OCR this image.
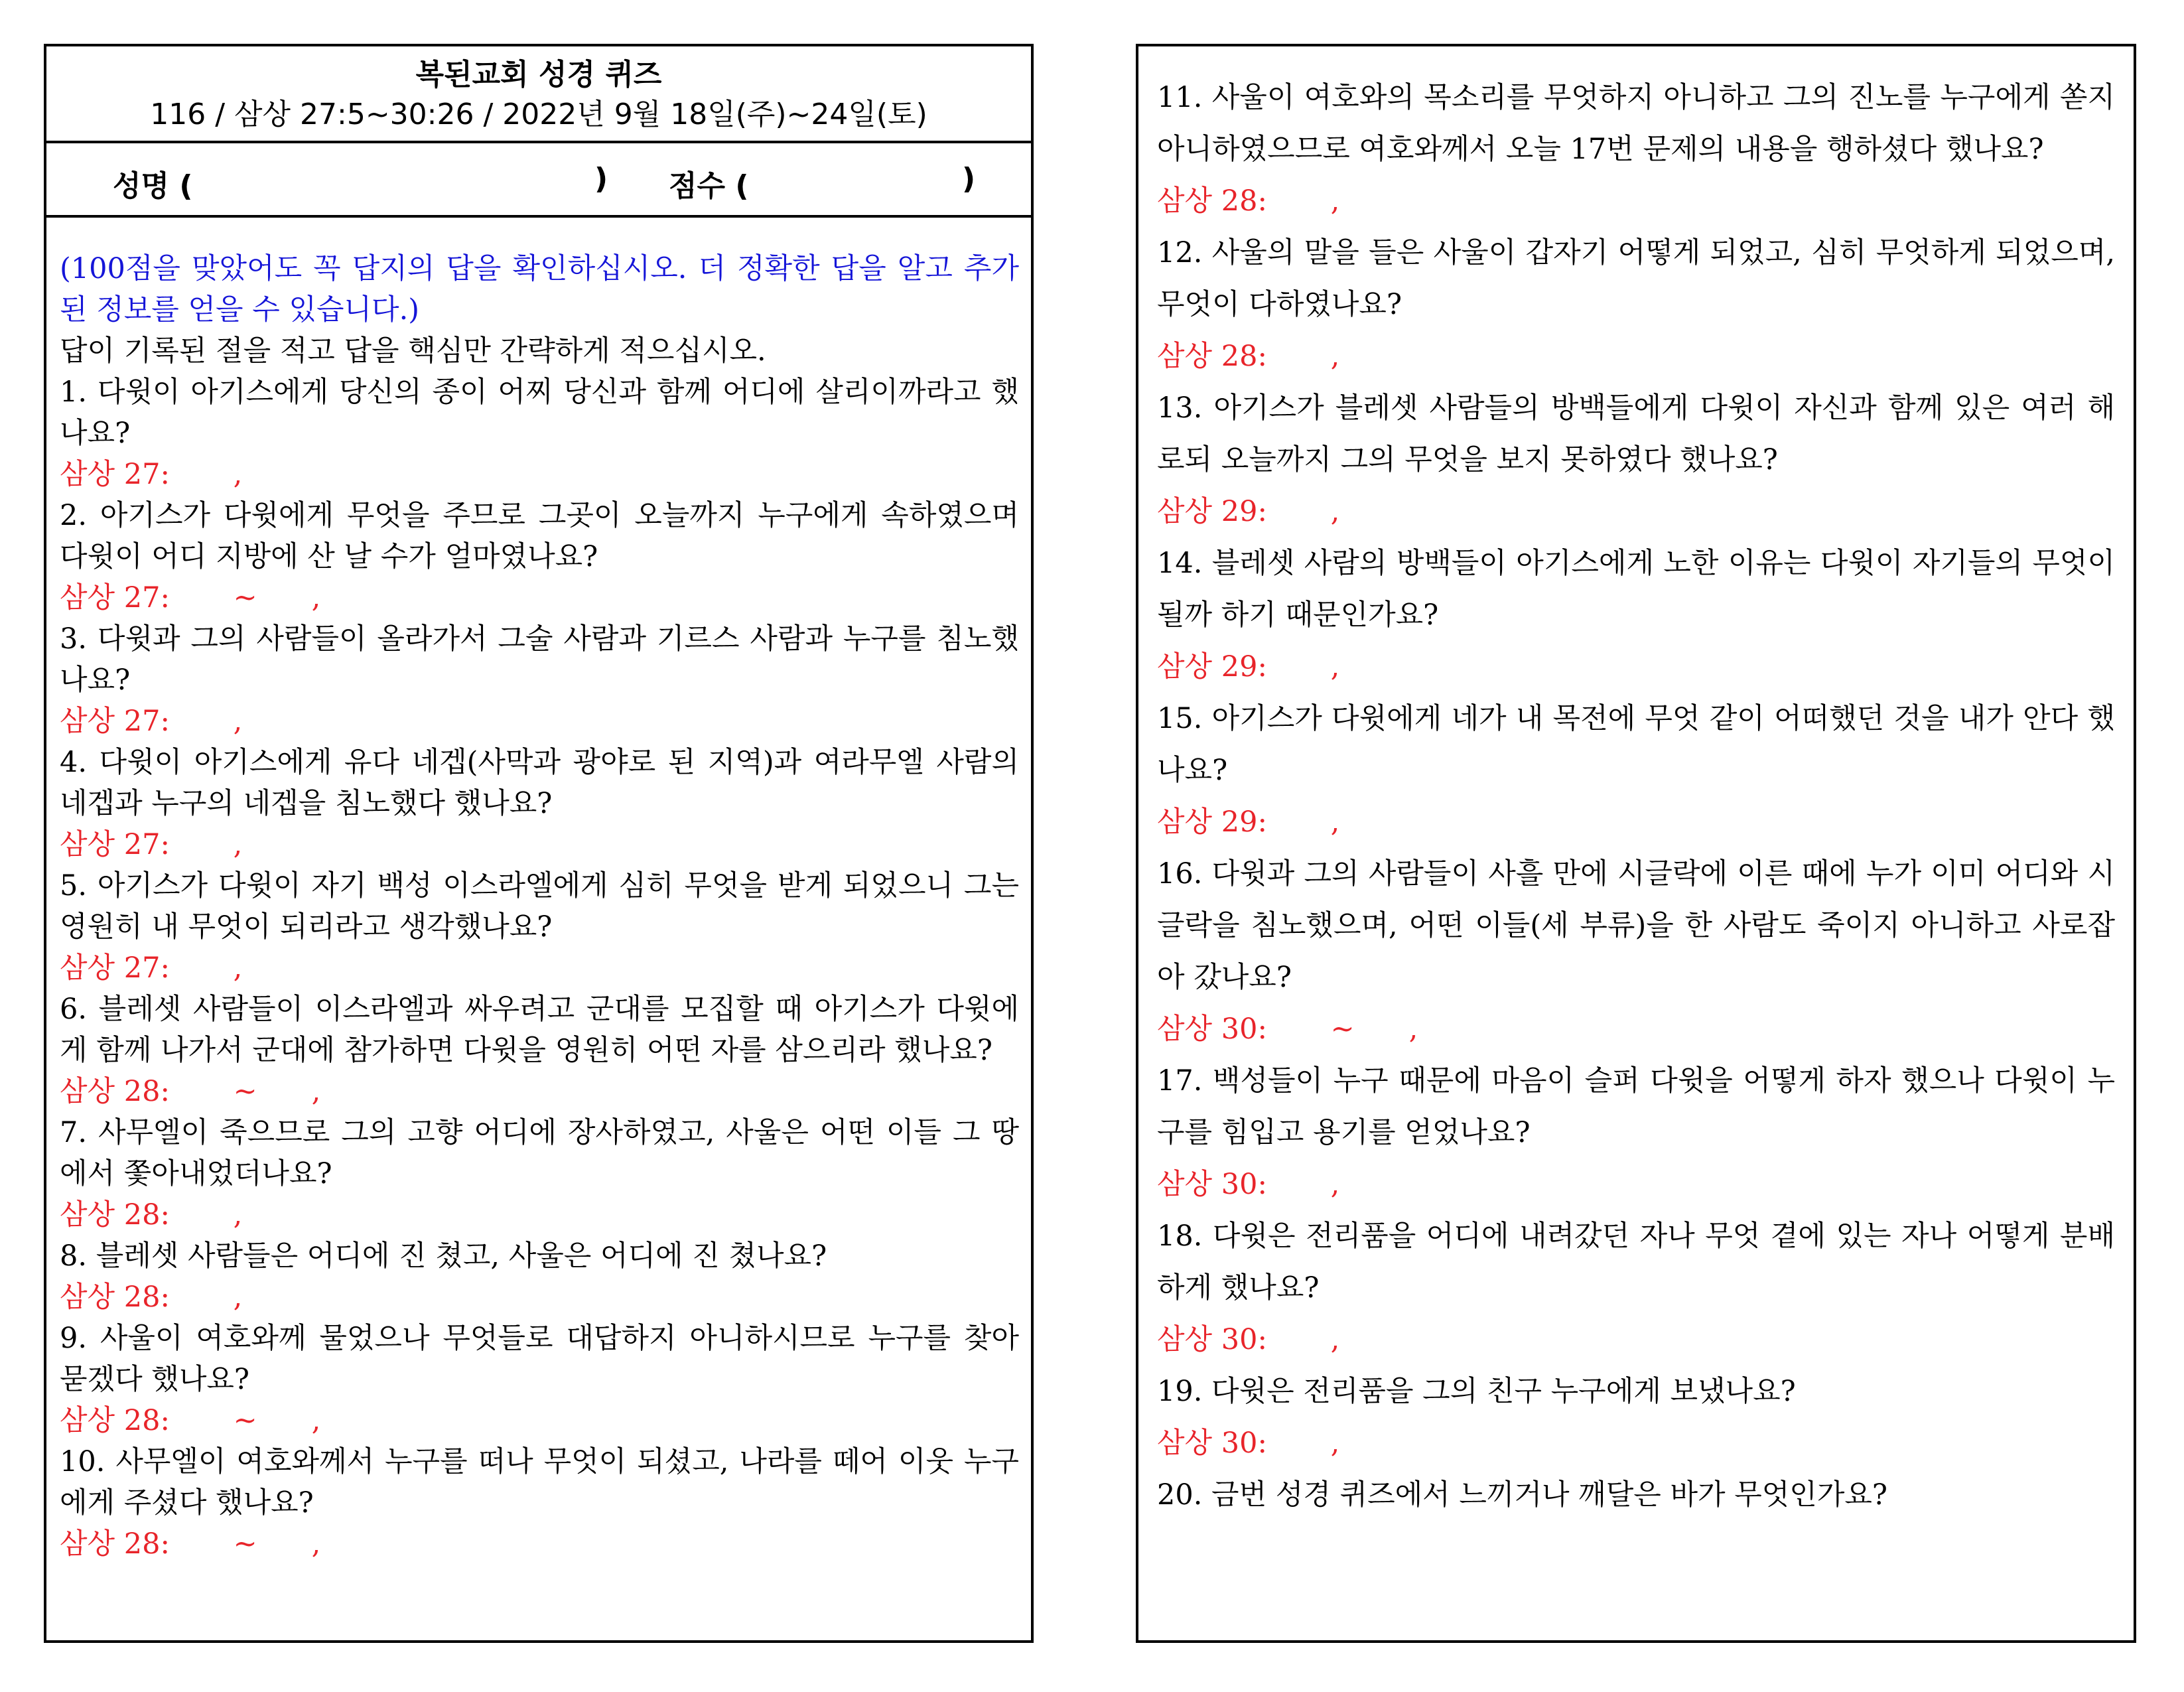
복된교회 성경 퀴즈
116 / 삼상 27:5~30:26 / 2022년 9월 18일(주)~24일(토)
성명 (	) 점수 (	)
(100점을 맞았어도 꼭 답지의 답을 확인하십시오. 더 정확한 답을 알고 추가된 정보를 얻을 수 있습니다.)
답이 기록된 절을 적고 답을 핵심만 간략하게 적으십시오.
1. 다윗이 아기스에게 당신의 종이 어찌 당신과 함께 어디에 살리이까라고 했나요?
삼상 27:       ,
2. 아기스가 다윗에게 무엇을 주므로 그곳이 오늘까지 누구에게 속하였으며 다윗이 어디 지방에 산 날 수가 얼마였나요?
삼상 27:       ~      ,
3. 다윗과 그의 사람들이 올라가서 그술 사람과 기르스 사람과 누구를 침노했나요?
삼상 27:       ,
4. 다윗이 아기스에게 유다 네겝(사막과 광야로 된 지역)과 여라무엘 사람의 네겝과 누구의 네겝을 침노했다 했나요?
삼상 27:       ,
5. 아기스가 다윗이 자기 백성 이스라엘에게 심히 무엇을 받게 되었으니 그는 영원히 내 무엇이 되리라고 생각했나요?
삼상 27:       ,
6. 블레셋 사람들이 이스라엘과 싸우려고 군대를 모집할 때 아기스가 다윗에게 함께 나가서 군대에 참가하면 다윗을 영원히 어떤 자를 삼으리라 했나요?
삼상 28:       ~      ,
7. 사무엘이 죽으므로 그의 고향 어디에 장사하였고, 사울은 어떤 이들 그 땅에서 쫓아내었더나요?
삼상 28:       ,
8. 블레셋 사람들은 어디에 진 쳤고, 사울은 어디에 진 쳤나요?
삼상 28:       ,
9. 사울이 여호와께 물었으나 무엇들로 대답하지 아니하시므로 누구를 찾아 묻겠다 했나요?
삼상 28:       ~      ,
10. 사무엘이 여호와께서 누구를 떠나 무엇이 되셨고, 나라를 떼어 이웃 누구에게 주셨다 했나요?
삼상 28:       ~      ,
11. 사울이 여호와의 목소리를 무엇하지 아니하고 그의 진노를 누구에게 쏟지 아니하였으므로 여호와께서 오늘 17번 문제의 내용을 행하셨다 했나요?
삼상 28:       ,
12. 사울의 말을 들은 사울이 갑자기 어떻게 되었고, 심히 무엇하게 되었으며, 무엇이 다하였나요?
삼상 28:       ,
13. 아기스가 블레셋 사람들의 방백들에게 다윗이 자신과 함께 있은 여러 해로되 오늘까지 그의 무엇을 보지 못하였다 했나요?
삼상 29:       ,
14. 블레셋 사람의 방백들이 아기스에게 노한 이유는 다윗이 자기들의 무엇이 될까 하기 때문인가요?
삼상 29:       ,
15. 아기스가 다윗에게 네가 내 목전에 무엇 같이 어떠했던 것을 내가 안다 했나요?
삼상 29:       ,
16. 다윗과 그의 사람들이 사흘 만에 시글락에 이른 때에 누가 이미 어디와 시글락을 침노했으며, 어떤 이들(세 부류)을 한 사람도 죽이지 아니하고 사로잡아 갔나요?
삼상 30:       ~      ,
17. 백성들이 누구 때문에 마음이 슬퍼 다윗을 어떻게 하자 했으나 다윗이 누구를 힘입고 용기를 얻었나요?
삼상 30:       ,
18. 다윗은 전리품을 어디에 내려갔던 자나 무엇 곁에 있는 자나 어떻게 분배하게 했나요?
삼상 30:       ,
19. 다윗은 전리품을 그의 친구 누구에게 보냈나요?
삼상 30:       ,
20. 금번 성경 퀴즈에서 느끼거나 깨달은 바가 무엇인가요?
